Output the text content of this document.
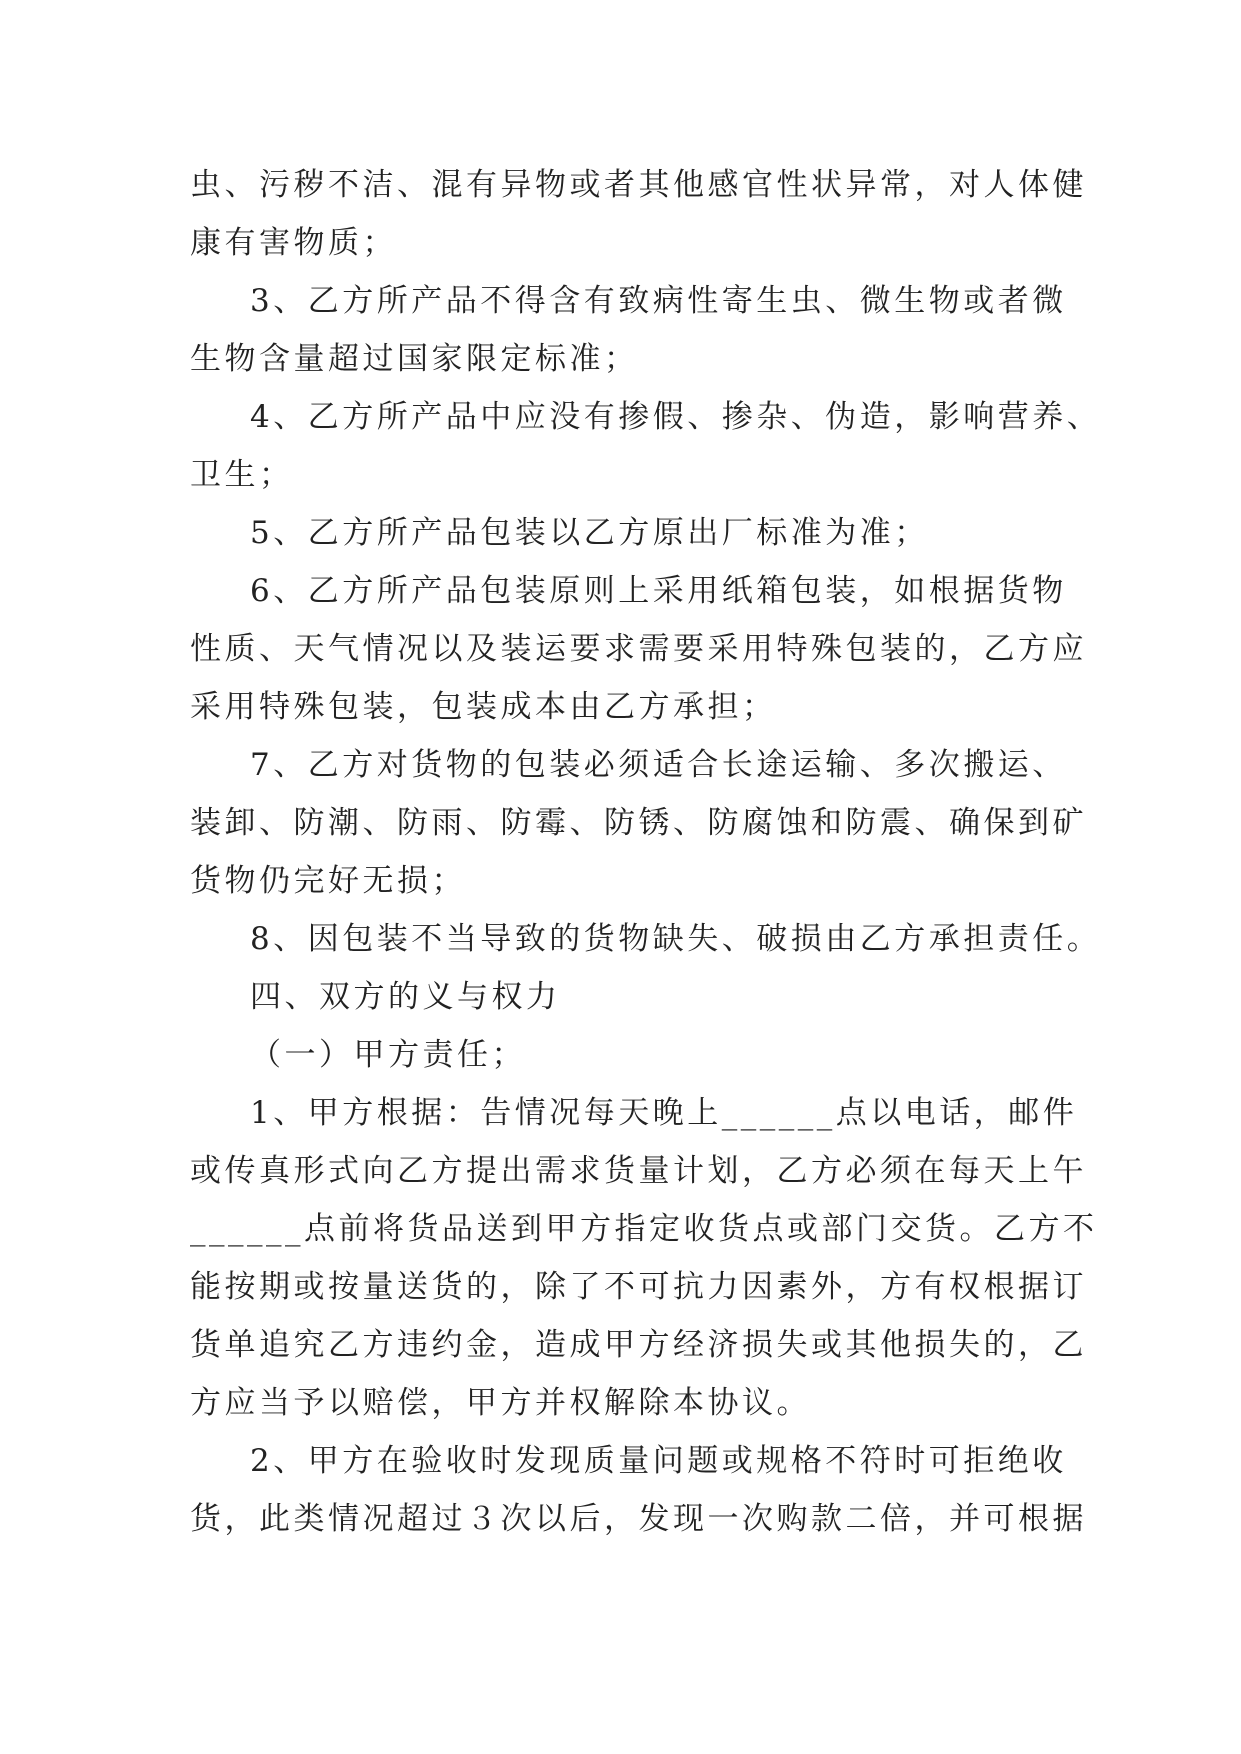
虫、污秽不洁、混有异物或者其他感官性状异常，对人体健
康有害物质；
3、乙方所产品不得含有致病性寄生虫、微生物或者微
生物含量超过国家限定标准；
4、乙方所产品中应没有掺假、掺杂、伪造，影响营养、
卫生；
5、乙方所产品包装以乙方原出厂标准为准；
6、乙方所产品包装原则上采用纸箱包装，如根据货物
性质、天气情况以及装运要求需要采用特殊包装的，乙方应
采用特殊包装，包装成本由乙方承担；
7、乙方对货物的包装必须适合长途运输、多次搬运、
装卸、防潮、防雨、防霉、防锈、防腐蚀和防震、确保到矿
货物仍完好无损；
8、因包装不当导致的货物缺失、破损由乙方承担责任。
四、双方的义与权力
（一）甲方责任；
1、甲方根据：告情况每天晚上______点以电话，邮件
或传真形式向乙方提出需求货量计划，乙方必须在每天上午
______点前将货品送到甲方指定收货点或部门交货。乙方不
能按期或按量送货的，除了不可抗力因素外，方有权根据订
货单追究乙方违约金，造成甲方经济损失或其他损失的，乙
方应当予以赔偿，甲方并权解除本协议。
2、甲方在验收时发现质量问题或规格不符时可拒绝收
货，此类情况超过３次以后，发现一次购款二倍，并可根据
